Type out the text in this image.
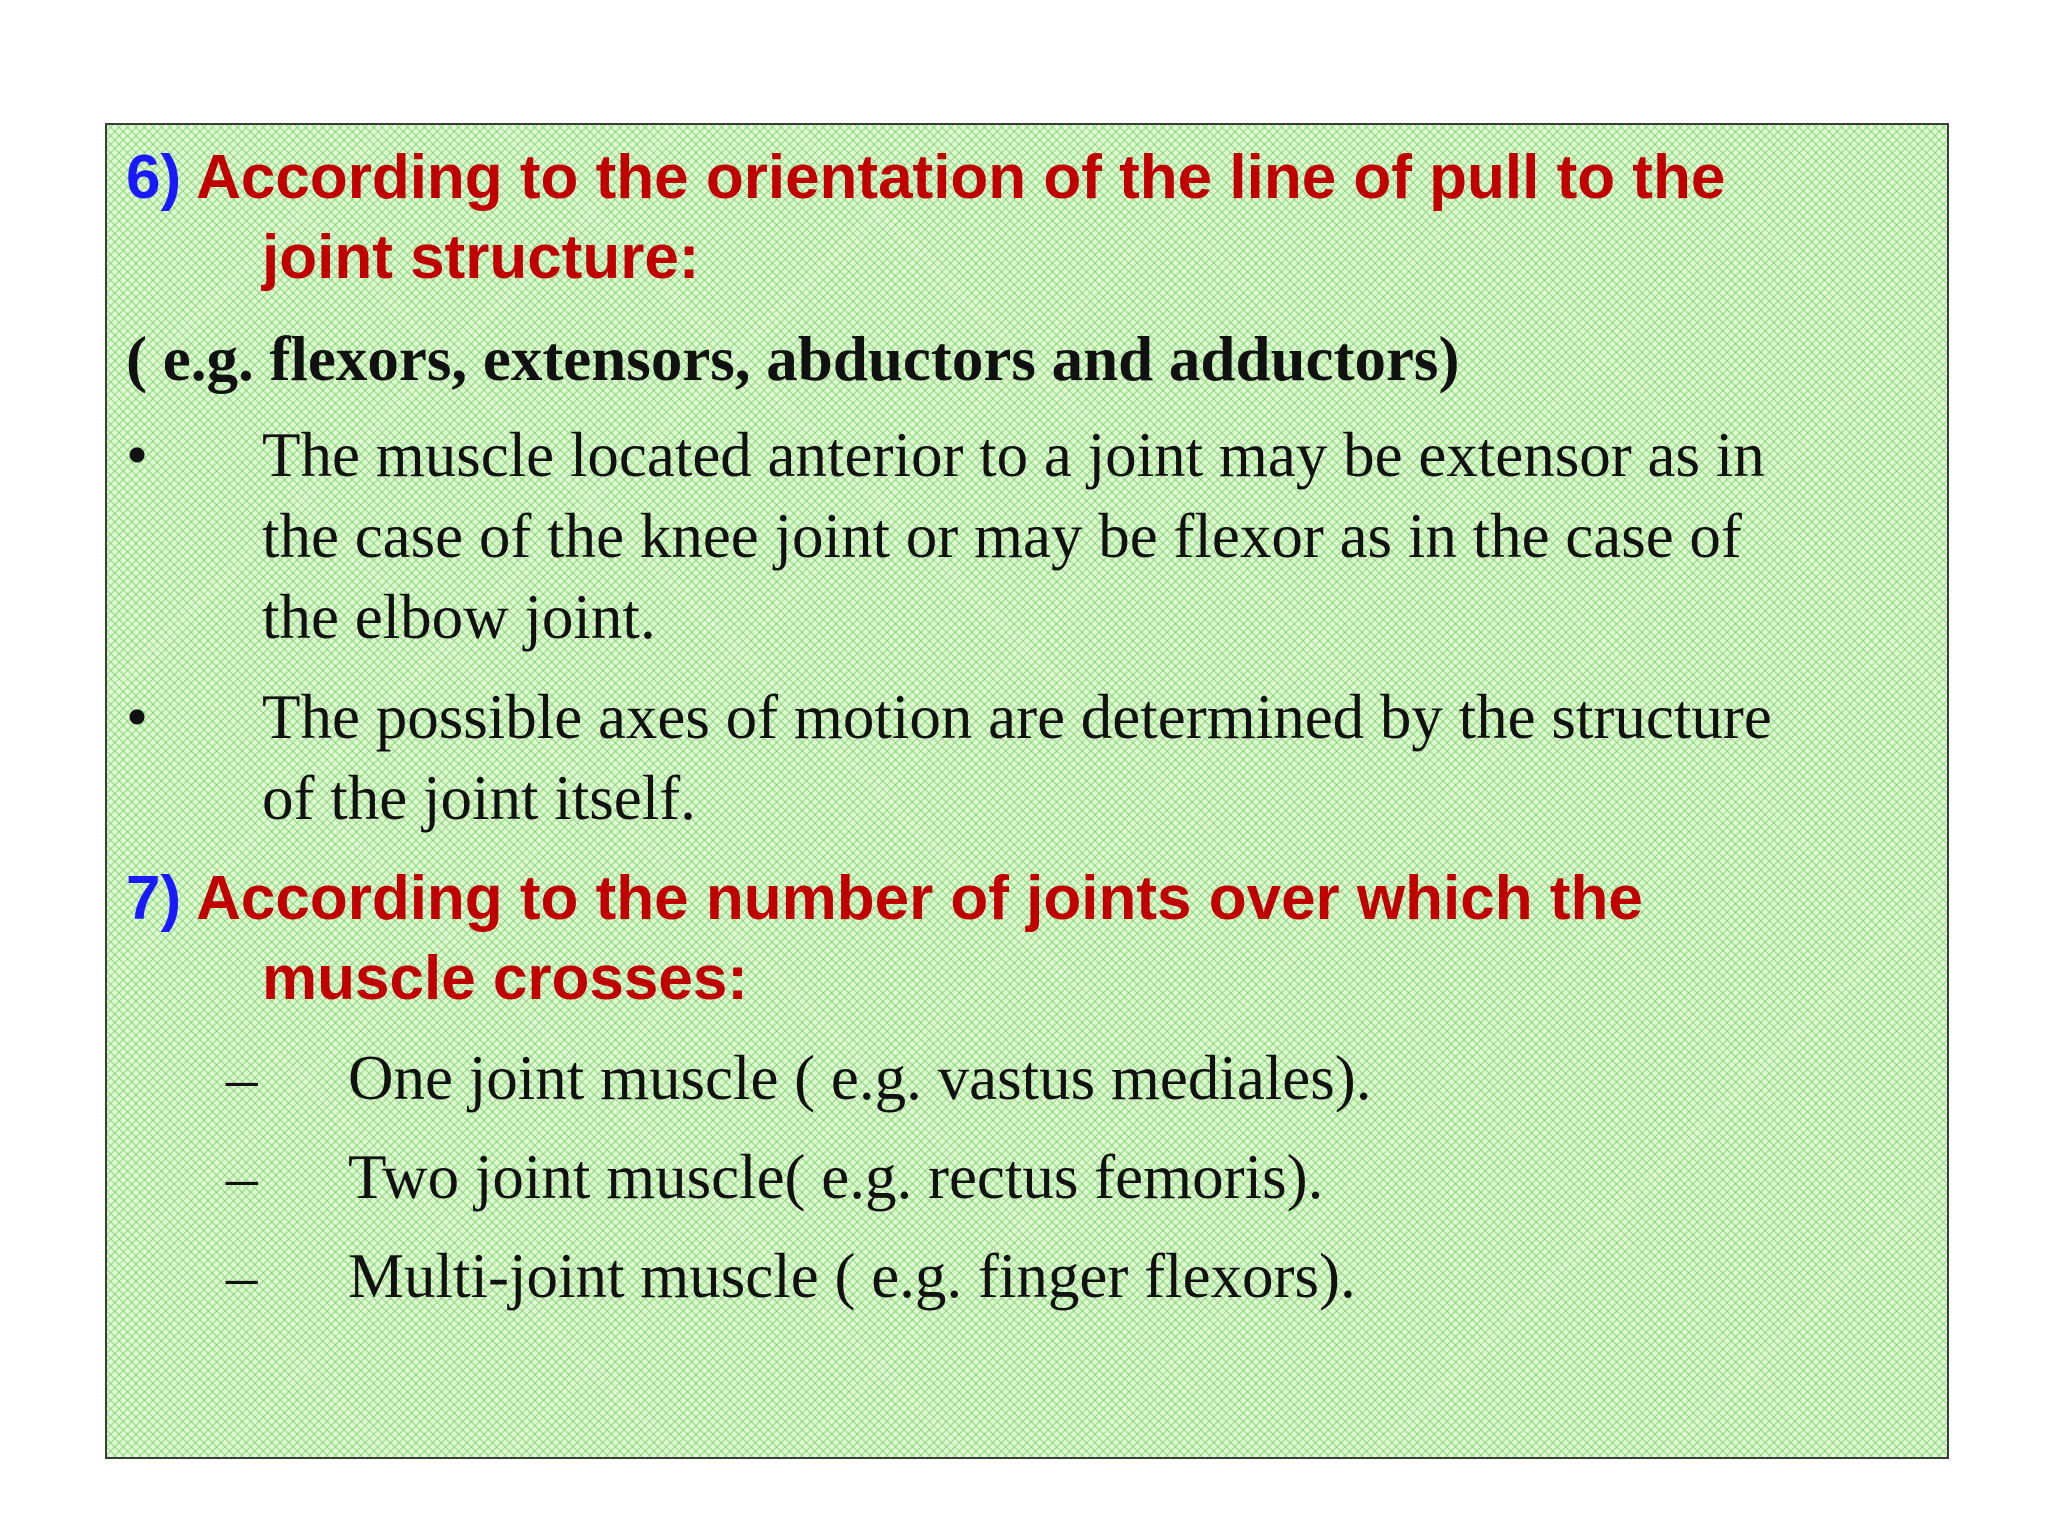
6) According to the orientation of the line of pull to the
joint structure:
( e.g. flexors, extensors, abductors and adductors)
• The muscle located anterior to a joint may be extensor as in
the case of the knee joint or may be flexor as in the case of
the elbow joint.
• The possible axes of motion are determined by the structure
of the joint itself.
7) According to the number of joints over which the
muscle crosses:
– One joint muscle ( e.g. vastus mediales).
– Two joint muscle( e.g. rectus femoris).
– Multi-joint muscle ( e.g. finger flexors).
